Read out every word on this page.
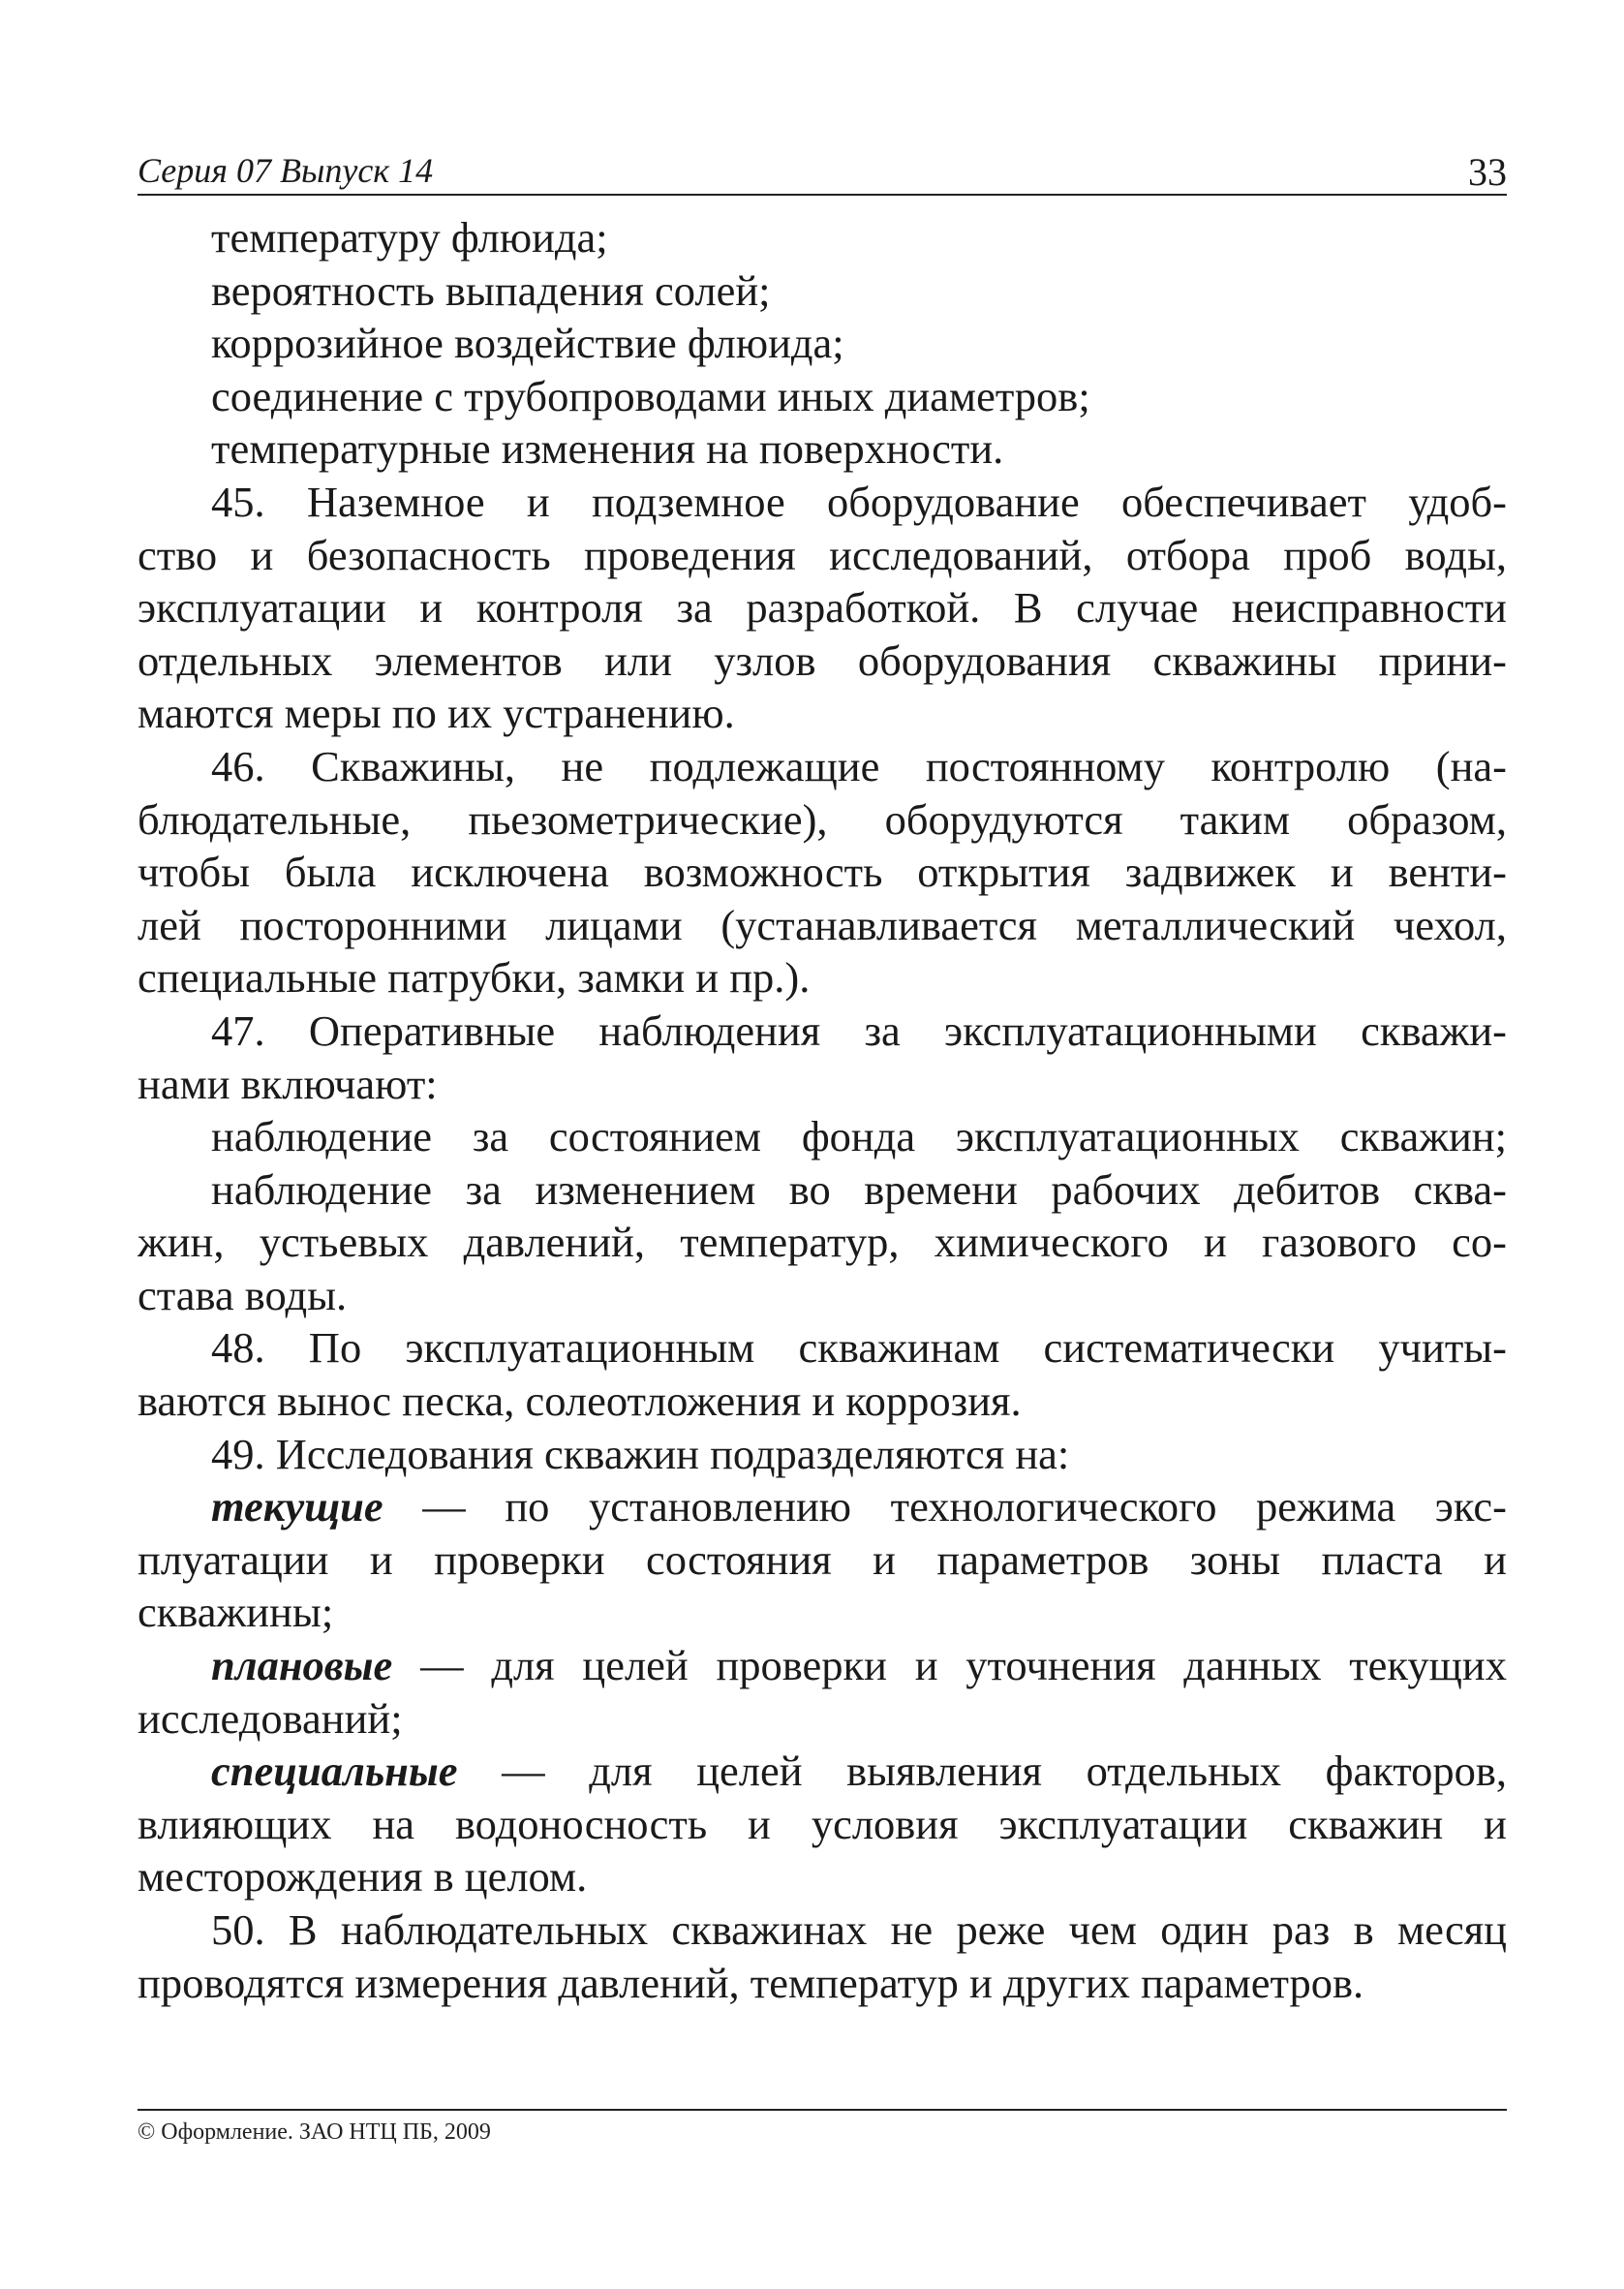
Серия 07 Выпуск 14	33
температуру флюида;
вероятность выпадения солей;
коррозийное воздействие флюида;
соединение с трубопроводами иных диаметров;
температурные изменения на поверхности.
45. Наземное и подземное оборудование обеспечивает удоб-
ство и безопасность проведения исследований, отбора проб воды,
эксплуатации и контроля за разработкой. В случае неисправности
отдельных элементов или узлов оборудования скважины прини-
маются меры по их устранению.
46. Скважины, не подлежащие постоянному контролю (на-
блюдательные, пьезометрические), оборудуются таким образом,
чтобы была исключена возможность открытия задвижек и венти-
лей посторонними лицами (устанавливается металлический чехол,
специальные патрубки, замки и пр.).
47. Оперативные наблюдения за эксплуатационными скважи-
нами включают:
наблюдение за состоянием фонда эксплуатационных скважин;
наблюдение за изменением во времени рабочих дебитов сква-
жин, устьевых давлений, температур, химического и газового со-
става воды.
48. По эксплуатационным скважинам систематически учиты-
ваются вынос песка, солеотложения и коррозия.
49. Исследования скважин подразделяются на:
текущие — по установлению технологического режима экс-
плуатации и проверки состояния и параметров зоны пласта и
скважины;
плановые — для целей проверки и уточнения данных текущих
исследований;
специальные — для целей выявления отдельных факторов,
влияющих на водоносность и условия эксплуатации скважин и
месторождения в целом.
50. В наблюдательных скважинах не реже чем один раз в месяц
проводятся измерения давлений, температур и других параметров.
© Оформление. ЗАО НТЦ ПБ, 2009
